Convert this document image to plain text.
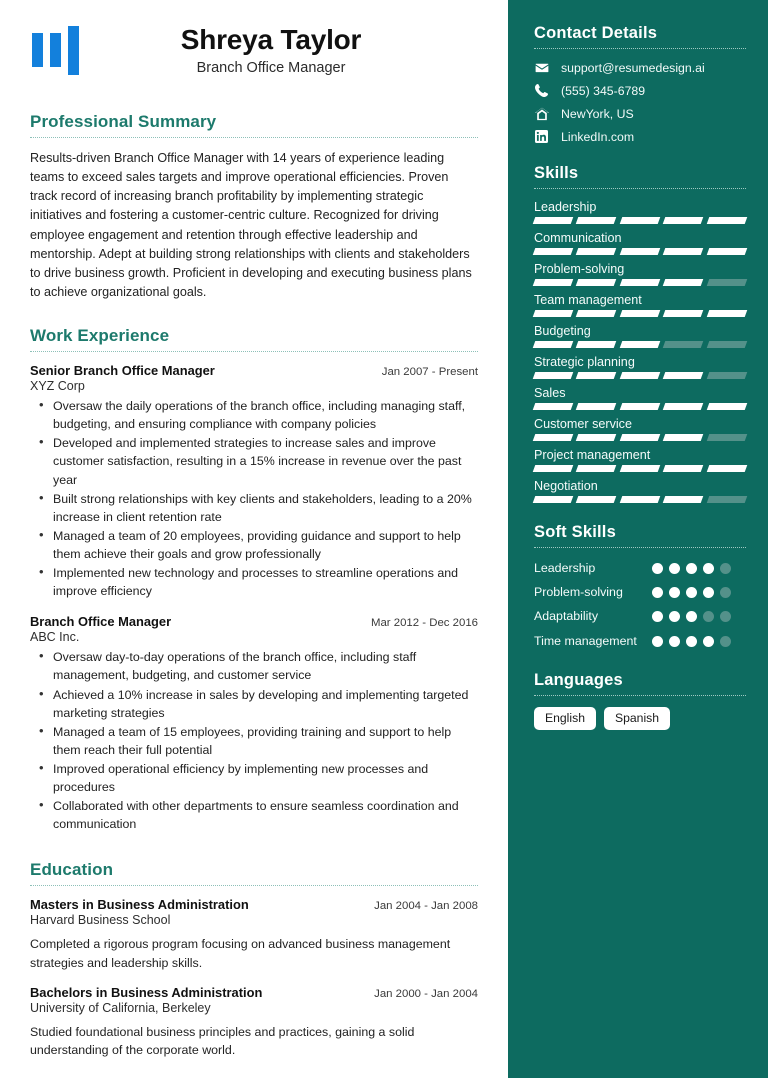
Shreya Taylor
Branch Office Manager
Professional Summary
Results-driven Branch Office Manager with 14 years of experience leading teams to exceed sales targets and improve operational efficiencies. Proven track record of increasing branch profitability by implementing strategic initiatives and fostering a customer-centric culture. Recognized for driving employee engagement and retention through effective leadership and mentorship. Adept at building strong relationships with clients and stakeholders to drive business growth. Proficient in developing and executing business plans to achieve organizational goals.
Work Experience
Senior Branch Office Manager	Jan 2007 - Present
XYZ Corp
• Oversaw the daily operations of the branch office, including managing staff, budgeting, and ensuring compliance with company policies
• Developed and implemented strategies to increase sales and improve customer satisfaction, resulting in a 15% increase in revenue over the past year
• Built strong relationships with key clients and stakeholders, leading to a 20% increase in client retention rate
• Managed a team of 20 employees, providing guidance and support to help them achieve their goals and grow professionally
• Implemented new technology and processes to streamline operations and improve efficiency
Branch Office Manager	Mar 2012 - Dec 2016
ABC Inc.
• Oversaw day-to-day operations of the branch office, including staff management, budgeting, and customer service
• Achieved a 10% increase in sales by developing and implementing targeted marketing strategies
• Managed a team of 15 employees, providing training and support to help them reach their full potential
• Improved operational efficiency by implementing new processes and procedures
• Collaborated with other departments to ensure seamless coordination and communication
Education
Masters in Business Administration	Jan 2004 - Jan 2008
Harvard Business School
Completed a rigorous program focusing on advanced business management strategies and leadership skills.
Bachelors in Business Administration	Jan 2000 - Jan 2004
University of California, Berkeley
Studied foundational business principles and practices, gaining a solid understanding of the corporate world.
Contact Details
support@resumedesign.ai
(555) 345-6789
NewYork, US
LinkedIn.com
Skills
Leadership
Communication
Problem-solving
Team management
Budgeting
Strategic planning
Sales
Customer service
Project management
Negotiation
Soft Skills
Leadership
Problem-solving
Adaptability
Time management
Languages
English	Spanish
